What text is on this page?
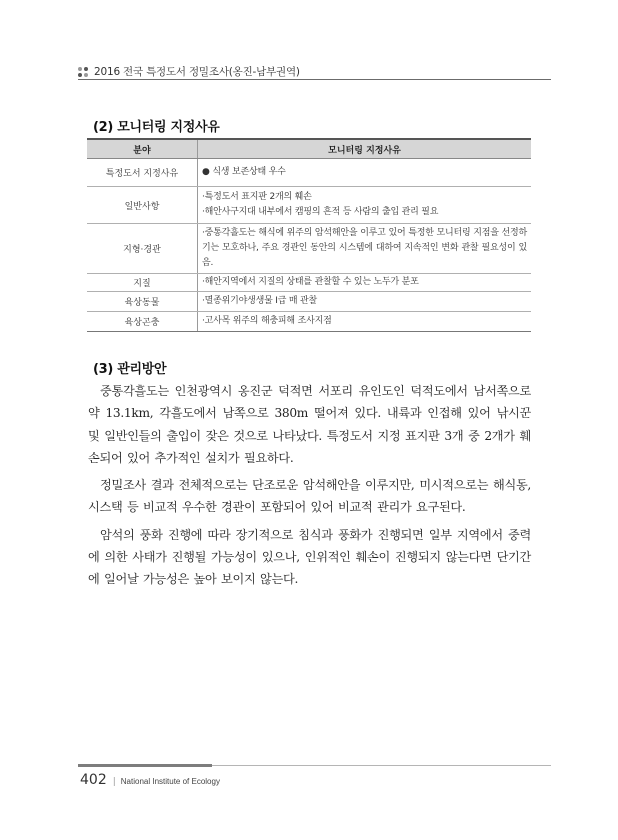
2016 전국 특정도서 정밀조사(옹진-남부권역)
(2) 모니터링 지정사유
분야	모니터링 지정사유
특정도서 지정사유	● 식생 보존상태 우수
일반사항	·특정도서 표지판 2개의 훼손
·해안사구지대 내부에서 캠핑의 흔적 등 사람의 출입 관리 필요

지형·경관	·중통각흘도는 해식에 위주의 암석해안을 이루고 있어 특정한 모니터링 지점을 선정하기는 모호하나, 주요 경관인 동안의 시스템에 대하여 지속적인 변화 관찰 필요성이 있음.
지질	·해안지역에서 지질의 상태를 관찰할 수 있는 노두가 분포
육상동물	·멸종위기야생생물 Ⅰ급 매 관찰
육상곤충	·고사목 위주의 해충피해 조사지점
(3) 관리방안

중통각흘도는 인천광역시 옹진군 덕적면 서포리 유인도인 덕적도에서 남서쪽으로 약 13.1km, 각흘도에서 남쪽으로 380m 떨어져 있다. 내륙과 인접해 있어 낚시꾼 및 일반인들의 출입이 잦은 것으로 나타났다. 특정도서 지정 표지판 3개 중 2개가 훼손되어 있어 추가적인 설치가 필요하다.

정밀조사 결과 전체적으로는 단조로운 암석해안을 이루지만, 미시적으로는 해식동, 시스택 등 비교적 우수한 경관이 포함되어 있어 비교적 관리가 요구된다.

암석의 풍화 진행에 따라 장기적으로 침식과 풍화가 진행되면 일부 지역에서 중력에 의한 사태가 진행될 가능성이 있으나, 인위적인 훼손이 진행되지 않는다면 단기간에 일어날 가능성은 높아 보이지 않는다.

402 | National Institute of Ecology
